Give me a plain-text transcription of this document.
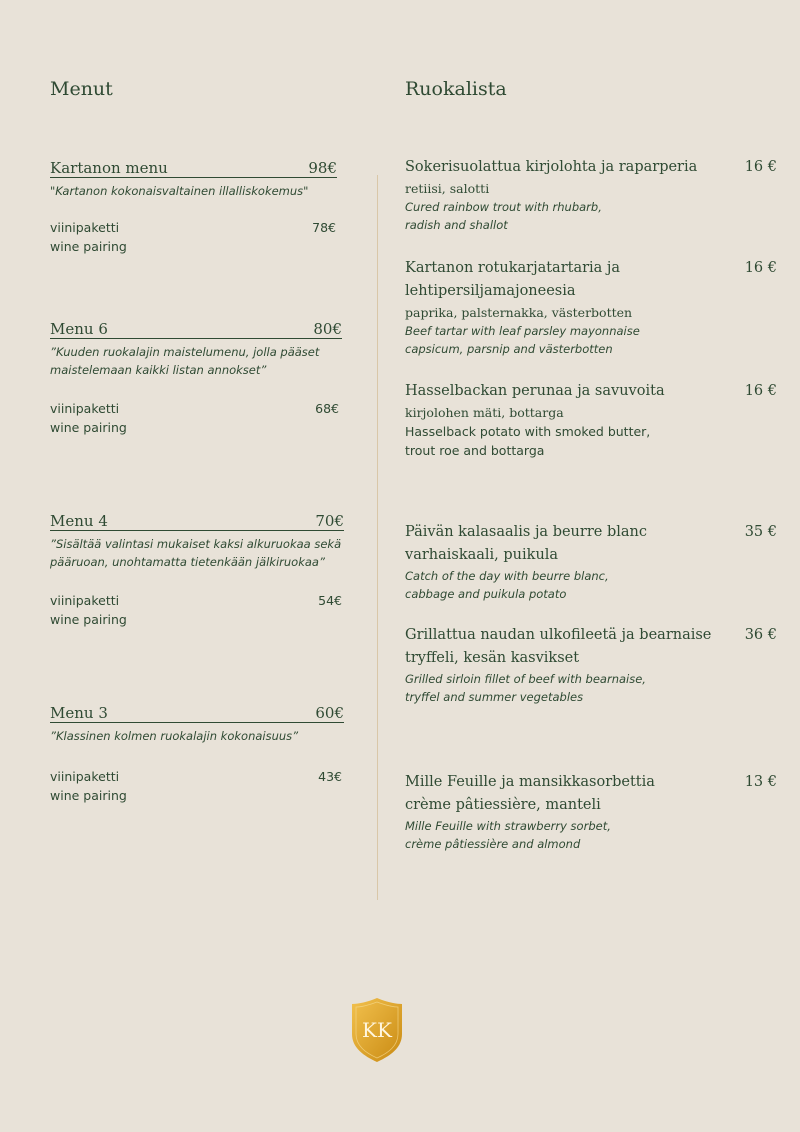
Menut	Ruokalista
Kartanon menu	98€
"Kartanon kokonaisvaltainen illalliskokemus"
viinipaketti	78€
wine pairing
Menu 6	80€
”Kuuden ruokalajin maistelumenu, jolla pääset maistelemaan kaikki listan annokset”
viinipaketti	68€
wine pairing
Menu 4	70€
”Sisältää valintasi mukaiset kaksi alkuruokaa sekä pääruoan, unohtamatta tietenkään jälkiruokaa”
viinipaketti	54€
wine pairing
Menu 3	60€
”Klassinen kolmen ruokalajin kokonaisuus”
viinipaketti	43€
wine pairing
Sokerisuolattua kirjolohta ja raparperia	16 €
retiisi, salotti
Cured rainbow trout with rhubarb,
radish and shallot
Kartanon rotukarjatartaria ja lehtipersiljamajoneesia
16 €
paprika, palsternakka, västerbotten
Beef tartar with leaf parsley mayonnaise
capsicum, parsnip and västerbotten
Hasselbackan perunaa ja savuvoita	16 €
kirjolohen mäti, bottarga
Hasselback potato with smoked butter,
trout roe and bottarga
Päivän kalasaalis ja beurre blanc	35 €
varhaiskaali, puikula
Catch of the day with beurre blanc,
cabbage and puikula potato
Grillattua naudan ulkofileetä ja bearnaise	36 €
tryffeli, kesän kasvikset
Grilled sirloin fillet of beef with bearnaise,
tryffel and summer vegetables
Mille Feuille ja mansikkasorbettia	13 €
crème pâtiessière, manteli
Mille Feuille with strawberry sorbet,
crème pâtiessière and almond
KK
